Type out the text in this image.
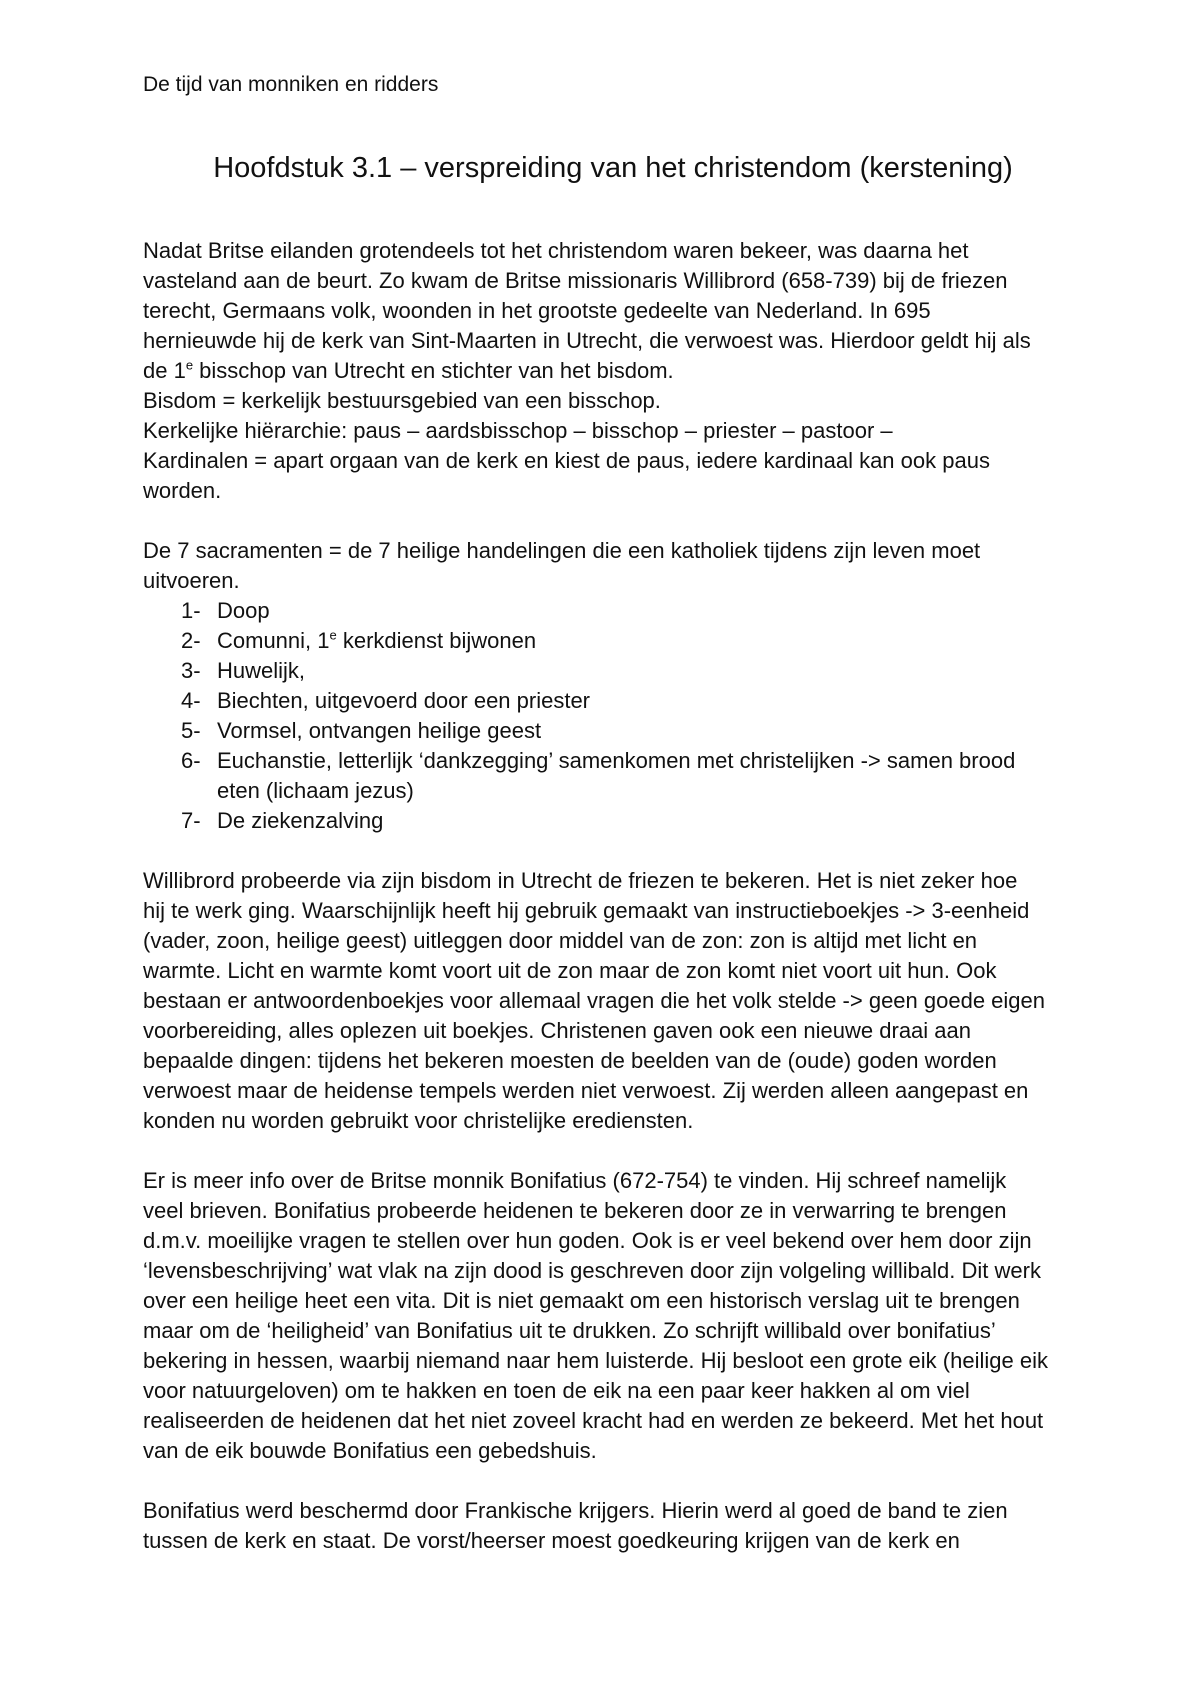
De tijd van monniken en ridders

Hoofdstuk 3.1 – verspreiding van het christendom (kerstening)
Nadat Britse eilanden grotendeels tot het christendom waren bekeer, was daarna het
vasteland aan de beurt. Zo kwam de Britse missionaris Willibrord (658-739) bij de friezen
terecht, Germaans volk, woonden in het grootste gedeelte van Nederland. In 695
hernieuwde hij de kerk van Sint-Maarten in Utrecht, die verwoest was. Hierdoor geldt hij als
de 1e bisschop van Utrecht en stichter van het bisdom.
Bisdom = kerkelijk bestuursgebied van een bisschop.
Kerkelijke hiërarchie: paus – aardsbisschop – bisschop – priester – pastoor –
Kardinalen = apart orgaan van de kerk en kiest de paus, iedere kardinaal kan ook paus
worden.
De 7 sacramenten = de 7 heilige handelingen die een katholiek tijdens zijn leven moet
uitvoeren.
1- Doop
2- Comunni, 1e kerkdienst bijwonen
3- Huwelijk,
4- Biechten, uitgevoerd door een priester
5- Vormsel, ontvangen heilige geest
6- Euchanstie, letterlijk ‘dankzegging’ samenkomen met christelijken -> samen brood
eten (lichaam jezus)
7- De ziekenzalving
Willibrord probeerde via zijn bisdom in Utrecht de friezen te bekeren. Het is niet zeker hoe
hij te werk ging. Waarschijnlijk heeft hij gebruik gemaakt van instructieboekjes -> 3-eenheid
(vader, zoon, heilige geest) uitleggen door middel van de zon: zon is altijd met licht en
warmte. Licht en warmte komt voort uit de zon maar de zon komt niet voort uit hun. Ook
bestaan er antwoordenboekjes voor allemaal vragen die het volk stelde -> geen goede eigen
voorbereiding, alles oplezen uit boekjes. Christenen gaven ook een nieuwe draai aan
bepaalde dingen: tijdens het bekeren moesten de beelden van de (oude) goden worden
verwoest maar de heidense tempels werden niet verwoest. Zij werden alleen aangepast en
konden nu worden gebruikt voor christelijke erediensten.
Er is meer info over de Britse monnik Bonifatius (672-754) te vinden. Hij schreef namelijk
veel brieven. Bonifatius probeerde heidenen te bekeren door ze in verwarring te brengen
d.m.v. moeilijke vragen te stellen over hun goden. Ook is er veel bekend over hem door zijn
‘levensbeschrijving’ wat vlak na zijn dood is geschreven door zijn volgeling willibald. Dit werk
over een heilige heet een vita. Dit is niet gemaakt om een historisch verslag uit te brengen
maar om de ‘heiligheid’ van Bonifatius uit te drukken. Zo schrijft willibald over bonifatius’
bekering in hessen, waarbij niemand naar hem luisterde. Hij besloot een grote eik (heilige eik
voor natuurgeloven) om te hakken en toen de eik na een paar keer hakken al om viel
realiseerden de heidenen dat het niet zoveel kracht had en werden ze bekeerd. Met het hout
van de eik bouwde Bonifatius een gebedshuis.
Bonifatius werd beschermd door Frankische krijgers. Hierin werd al goed de band te zien
tussen de kerk en staat. De vorst/heerser moest goedkeuring krijgen van de kerk en
